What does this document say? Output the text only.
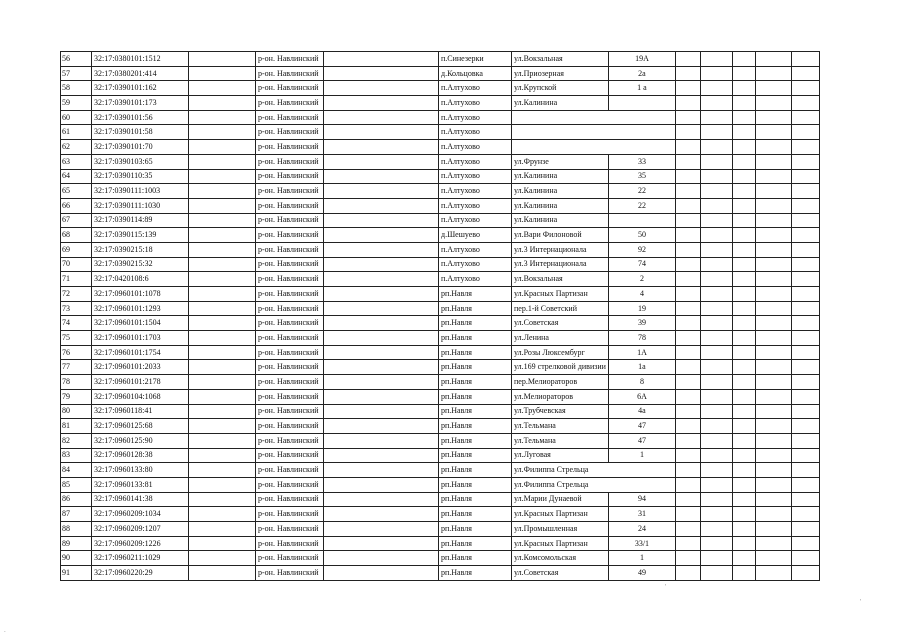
56	32:17:0380101:1512		р-он. Навлинский		п.Синезерки	ул.Вокзальная	19А					
57	32:17:0380201:414		р-он. Навлинский		д.Кольцовка	ул.Приозерная	2а					
58	32:17:0390101:162		р-он. Навлинский		п.Алтухово	ул.Крупской	1 а					
59	32:17:0390101:173		р-он. Навлинский		п.Алтухово	ул.Калинина						
60	32:17:0390101:56		р-он. Навлинский		п.Алтухово							
61	32:17:0390101:58		р-он. Навлинский		п.Алтухово							
62	32:17:0390101:70		р-он. Навлинский		п.Алтухово							
63	32:17:0390103:65		р-он. Навлинский		п.Алтухово	ул.Фрунзе	33					
64	32:17:0390110:35		р-он. Навлинский		п.Алтухово	ул.Калинина	35					
65	32:17:0390111:1003		р-он. Навлинский		п.Алтухово	ул.Калинина	22					
66	32:17:0390111:1030		р-он. Навлинский		п.Алтухово	ул.Калинина	22					
67	32:17:0390114:89		р-он. Навлинский		п.Алтухово	ул.Калинина						
68	32:17:0390115:139		р-он. Навлинский		д.Шешуево	ул.Вари Филоновой	50					
69	32:17:0390215:18		р-он. Навлинский		п.Алтухово	ул.3 Интернационала	92					
70	32:17:0390215:32		р-он. Навлинский		п.Алтухово	ул.3 Интернационала	74					
71	32:17:0420108:6		р-он. Навлинский		п.Алтухово	ул.Вокзальная	2					
72	32:17:0960101:1078		р-он. Навлинский		рп.Навля	ул.Красных Партизан	4					
73	32:17:0960101:1293		р-он. Навлинский		рп.Навля	пер.1-й Советский	19					
74	32:17:0960101:1504		р-он. Навлинский		рп.Навля	ул.Советская	39					
75	32:17:0960101:1703		р-он. Навлинский		рп.Навля	ул.Ленина	78					
76	32:17:0960101:1754		р-он. Навлинский		рп.Навля	ул.Розы Люксембург	1А					
77	32:17:0960101:2033		р-он. Навлинский		рп.Навля	ул.169 стрелковой дивизии	1а					
78	32:17:0960101:2178		р-он. Навлинский		рп.Навля	пер.Мелиораторов	8					
79	32:17:0960104:1068		р-он. Навлинский		рп.Навля	ул.Мелиораторов	6А					
80	32:17:0960118:41		р-он. Навлинский		рп.Навля	ул.Трубчевская	4а					
81	32:17:0960125:68		р-он. Навлинский		рп.Навля	ул.Тельмана	47					
82	32:17:0960125:90		р-он. Навлинский		рп.Навля	ул.Тельмана	47					
83	32:17:0960128:38		р-он. Навлинский		рп.Навля	ул.Луговая	1					
84	32:17:0960133:80		р-он. Навлинский		рп.Навля	ул.Филиппа Стрельца						
85	32:17:0960133:81		р-он. Навлинский		рп.Навля	ул.Филиппа Стрельца						
86	32:17:0960141:38		р-он. Навлинский		рп.Навля	ул.Марии Дунаевой	94					
87	32:17:0960209:1034		р-он. Навлинский		рп.Навля	ул.Красных Партизан	31					
88	32:17:0960209:1207		р-он. Навлинский		рп.Навля	ул.Промышленная	24					
89	32:17:0960209:1226		р-он. Навлинский		рп.Навля	ул.Красных Партизан	33/1					
90	32:17:0960211:1029		р-он. Навлинский		рп.Навля	ул.Комсомольская	1					
91	32:17:0960220:29		р-он. Навлинский		рп.Навля	ул.Советская	49					
'
'
.
